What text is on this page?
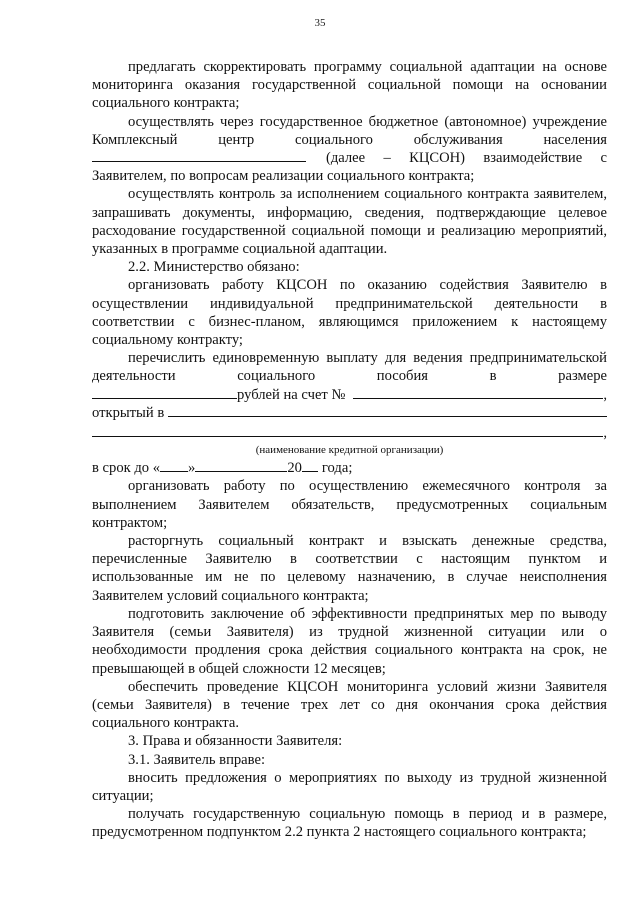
35

предлагать скорректировать программу социальной адаптации на основе мониторинга оказания государственной социальной помощи на основании социального контракта;

осуществлять через государственное бюджетное (автономное) учреждение Комплексный центр социального обслуживания населения

(далее – КЦСОН) взаимодействие с

Заявителем, по вопросам реализации социального контракта;

осуществлять контроль за исполнением социального контракта заявителем, запрашивать документы, информацию, сведения, подтверждающие целевое расходование государственной социальной помощи и реализацию мероприятий, указанных в программе социальной адаптации.

2.2. Министерство обязано:

организовать работу КЦСОН по оказанию содействия Заявителю в осуществлении индивидуальной предпринимательской деятельности в соответствии с бизнес-планом, являющимся приложением к настоящему социальному контракту;

перечислить единовременную выплату для ведения предпринимательской деятельности социального пособия в размере

рублей на счет №	,
открытый в
,
(наименование кредитной организации)
в срок до « »	20 года;

организовать работу по осуществлению ежемесячного контроля за выполнением Заявителем обязательств, предусмотренных социальным контрактом;

расторгнуть социальный контракт и взыскать денежные средства, перечисленные Заявителю в соответствии с настоящим пунктом и использованные им не по целевому назначению, в случае неисполнения Заявителем условий социального контракта;

подготовить заключение об эффективности предпринятых мер по выводу Заявителя (семьи Заявителя) из трудной жизненной ситуации или о необходимости продления срока действия социального контракта на срок, не превышающей в общей сложности 12 месяцев;

обеспечить проведение КЦСОН мониторинга условий жизни Заявителя (семьи Заявителя) в течение трех лет со дня окончания срока действия социального контракта.

3. Права и обязанности Заявителя:

3.1. Заявитель вправе:

вносить предложения о мероприятиях по выходу из трудной жизненной ситуации;

получать государственную социальную помощь в период и в размере, предусмотренном подпунктом 2.2 пункта 2 настоящего социального контракта;
